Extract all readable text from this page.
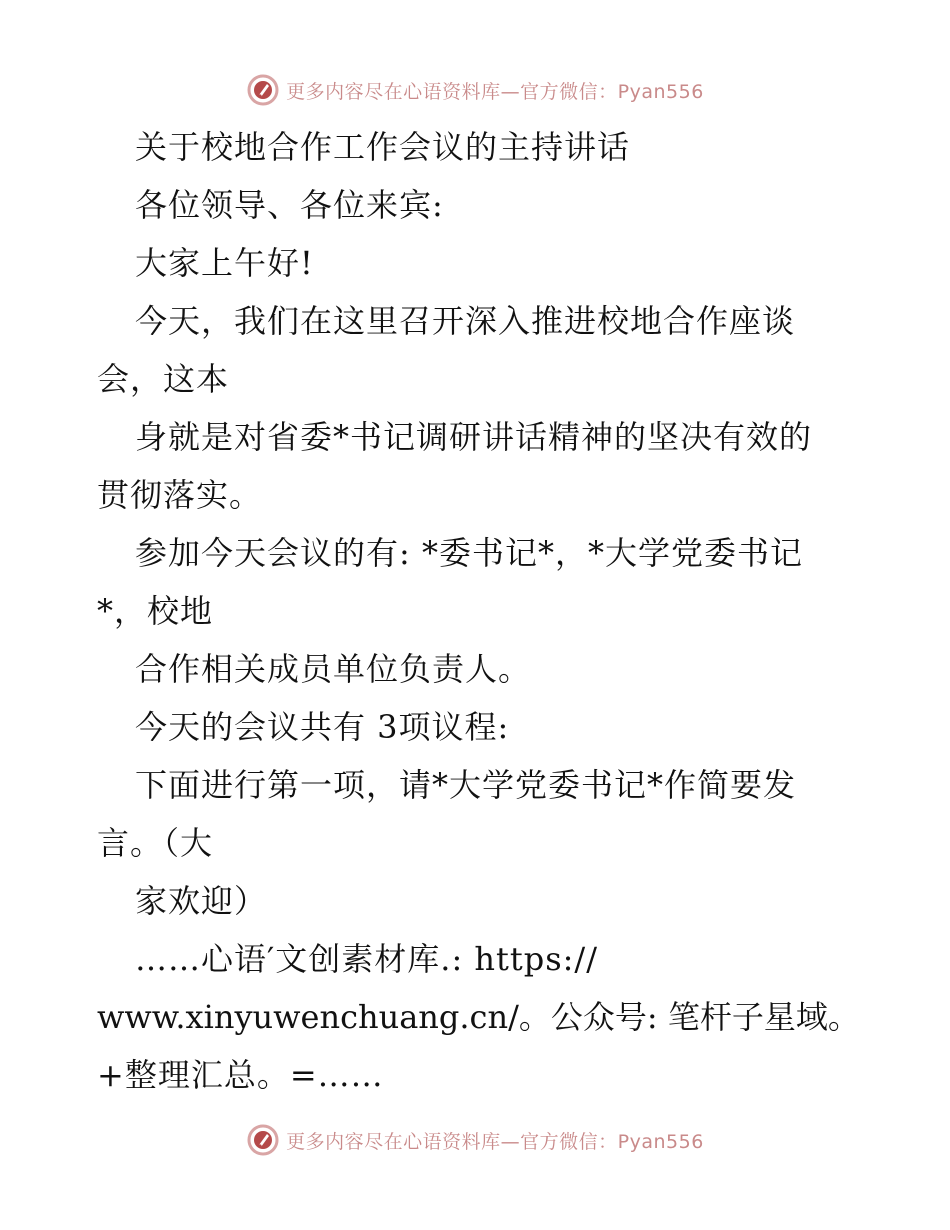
更多内容尽在心语资料库—官方微信：Pyan556
关于校地合作工作会议的主持讲话
各位领导、各位来宾:
大家上午好!
今天，我们在这里召开深入推进校地合作座谈
会，这本
身就是对省委*书记调研讲话精神的坚决有效的
贯彻落实。
参加今天会议的有: *委书记*，*大学党委书记
*，校地
合作相关成员单位负责人。
今天的会议共有 3项议程:
下面进行第一项，请*大学党委书记*作简要发
言。（大
家欢迎）
……心语′文创素材库.: https://
www.xinyuwenchuang.cn/。公众号: 笔杆子星域。
+整理汇总。=……
更多内容尽在心语资料库—官方微信：Pyan556
